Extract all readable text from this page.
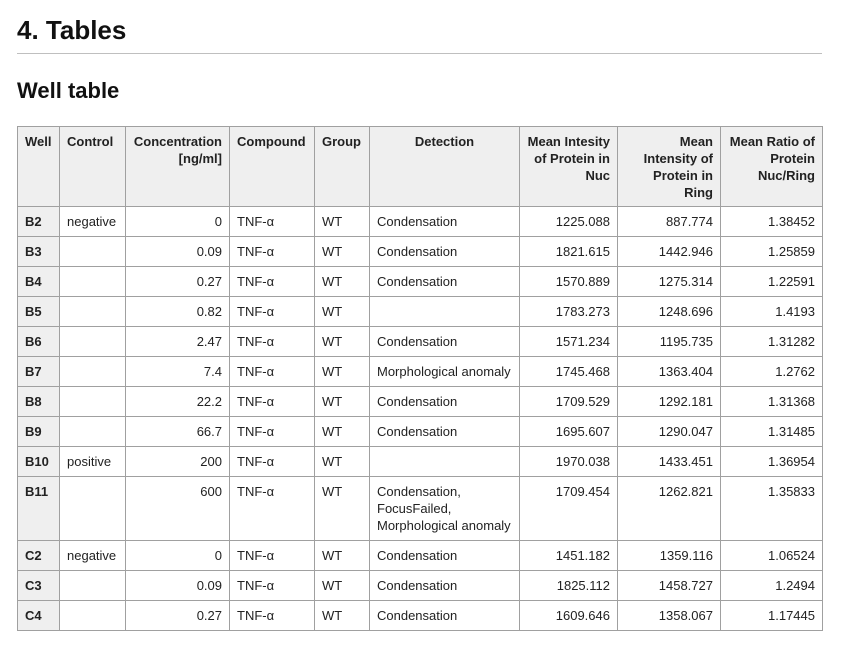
4. Tables
Well table
Well	Control	Concentration [ng/ml]	Compound	Group	Detection	Mean Intesity of Protein in Nuc	Mean Intensity of Protein in Ring	Mean Ratio of Protein Nuc/Ring
B2	negative	0	TNF-α	WT	Condensation	1225.088	887.774	1.38452
B3		0.09	TNF-α	WT	Condensation	1821.615	1442.946	1.25859
B4		0.27	TNF-α	WT	Condensation	1570.889	1275.314	1.22591
B5		0.82	TNF-α	WT		1783.273	1248.696	1.4193
B6		2.47	TNF-α	WT	Condensation	1571.234	1195.735	1.31282
B7		7.4	TNF-α	WT	Morphological anomaly	1745.468	1363.404	1.2762
B8		22.2	TNF-α	WT	Condensation	1709.529	1292.181	1.31368
B9		66.7	TNF-α	WT	Condensation	1695.607	1290.047	1.31485
B10	positive	200	TNF-α	WT		1970.038	1433.451	1.36954
B11		600	TNF-α	WT	Condensation, FocusFailed, Morphological anomaly	1709.454	1262.821	1.35833
C2	negative	0	TNF-α	WT	Condensation	1451.182	1359.116	1.06524
C3		0.09	TNF-α	WT	Condensation	1825.112	1458.727	1.2494
C4		0.27	TNF-α	WT	Condensation	1609.646	1358.067	1.17445
